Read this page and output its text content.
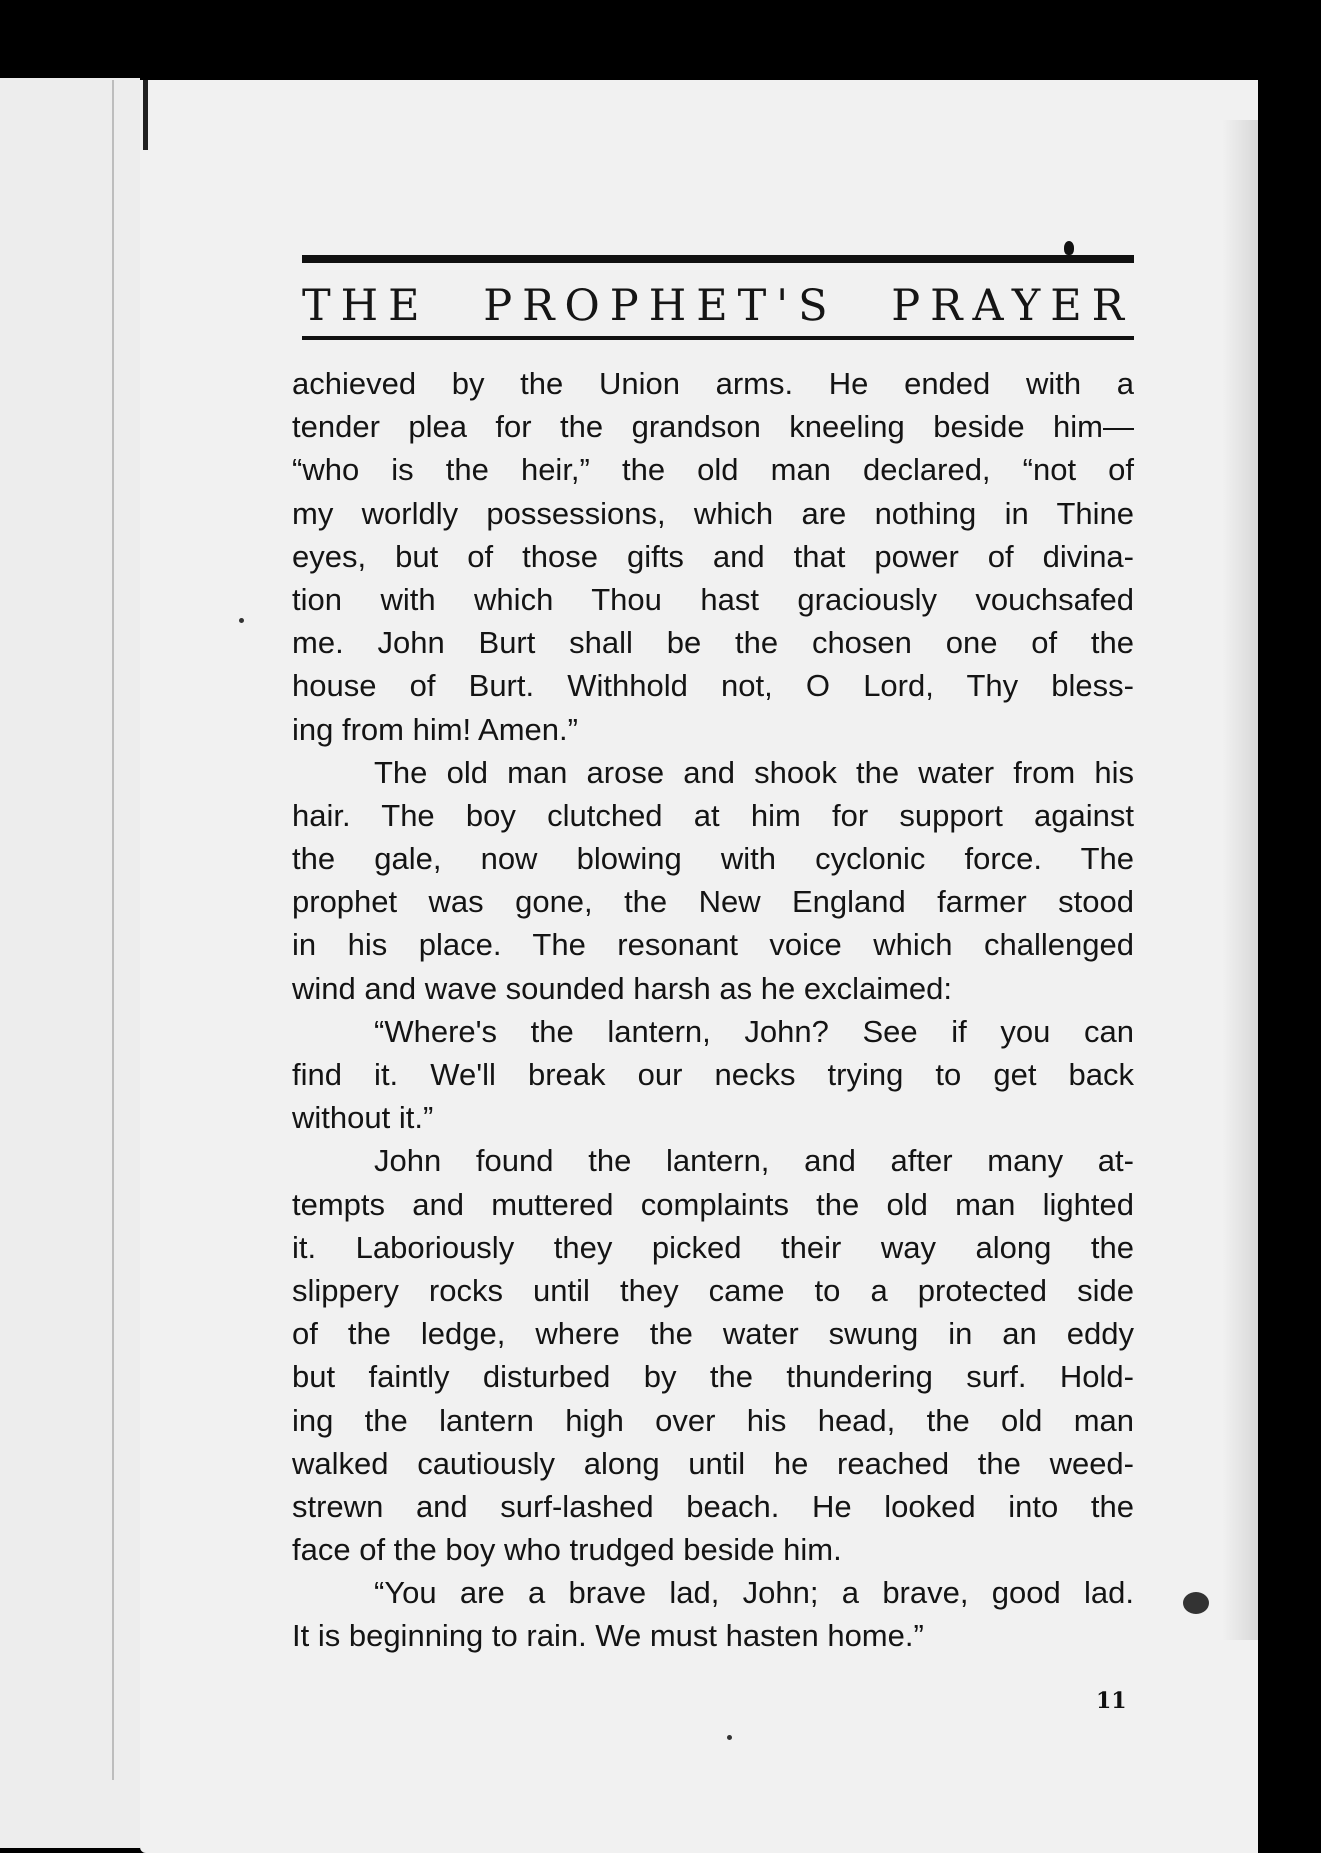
THE PROPHET'S PRAYER
achieved by the Union arms. He ended with a
tender plea for the grandson kneeling beside him—
“who is the heir,” the old man declared, “not of
my worldly possessions, which are nothing in Thine
eyes, but of those gifts and that power of divina-
tion with which Thou hast graciously vouchsafed
me. John Burt shall be the chosen one of the
house of Burt. Withhold not, O Lord, Thy bless-
ing from him! Amen.”
The old man arose and shook the water from his
hair. The boy clutched at him for support against
the gale, now blowing with cyclonic force. The
prophet was gone, the New England farmer stood
in his place. The resonant voice which challenged
wind and wave sounded harsh as he exclaimed:
“Where's the lantern, John? See if you can
find it. We'll break our necks trying to get back
without it.”
John found the lantern, and after many at-
tempts and muttered complaints the old man lighted
it. Laboriously they picked their way along the
slippery rocks until they came to a protected side
of the ledge, where the water swung in an eddy
but faintly disturbed by the thundering surf. Hold-
ing the lantern high over his head, the old man
walked cautiously along until he reached the weed-
strewn and surf-lashed beach. He looked into the
face of the boy who trudged beside him.
“You are a brave lad, John; a brave, good lad.
It is beginning to rain. We must hasten home.”
11
